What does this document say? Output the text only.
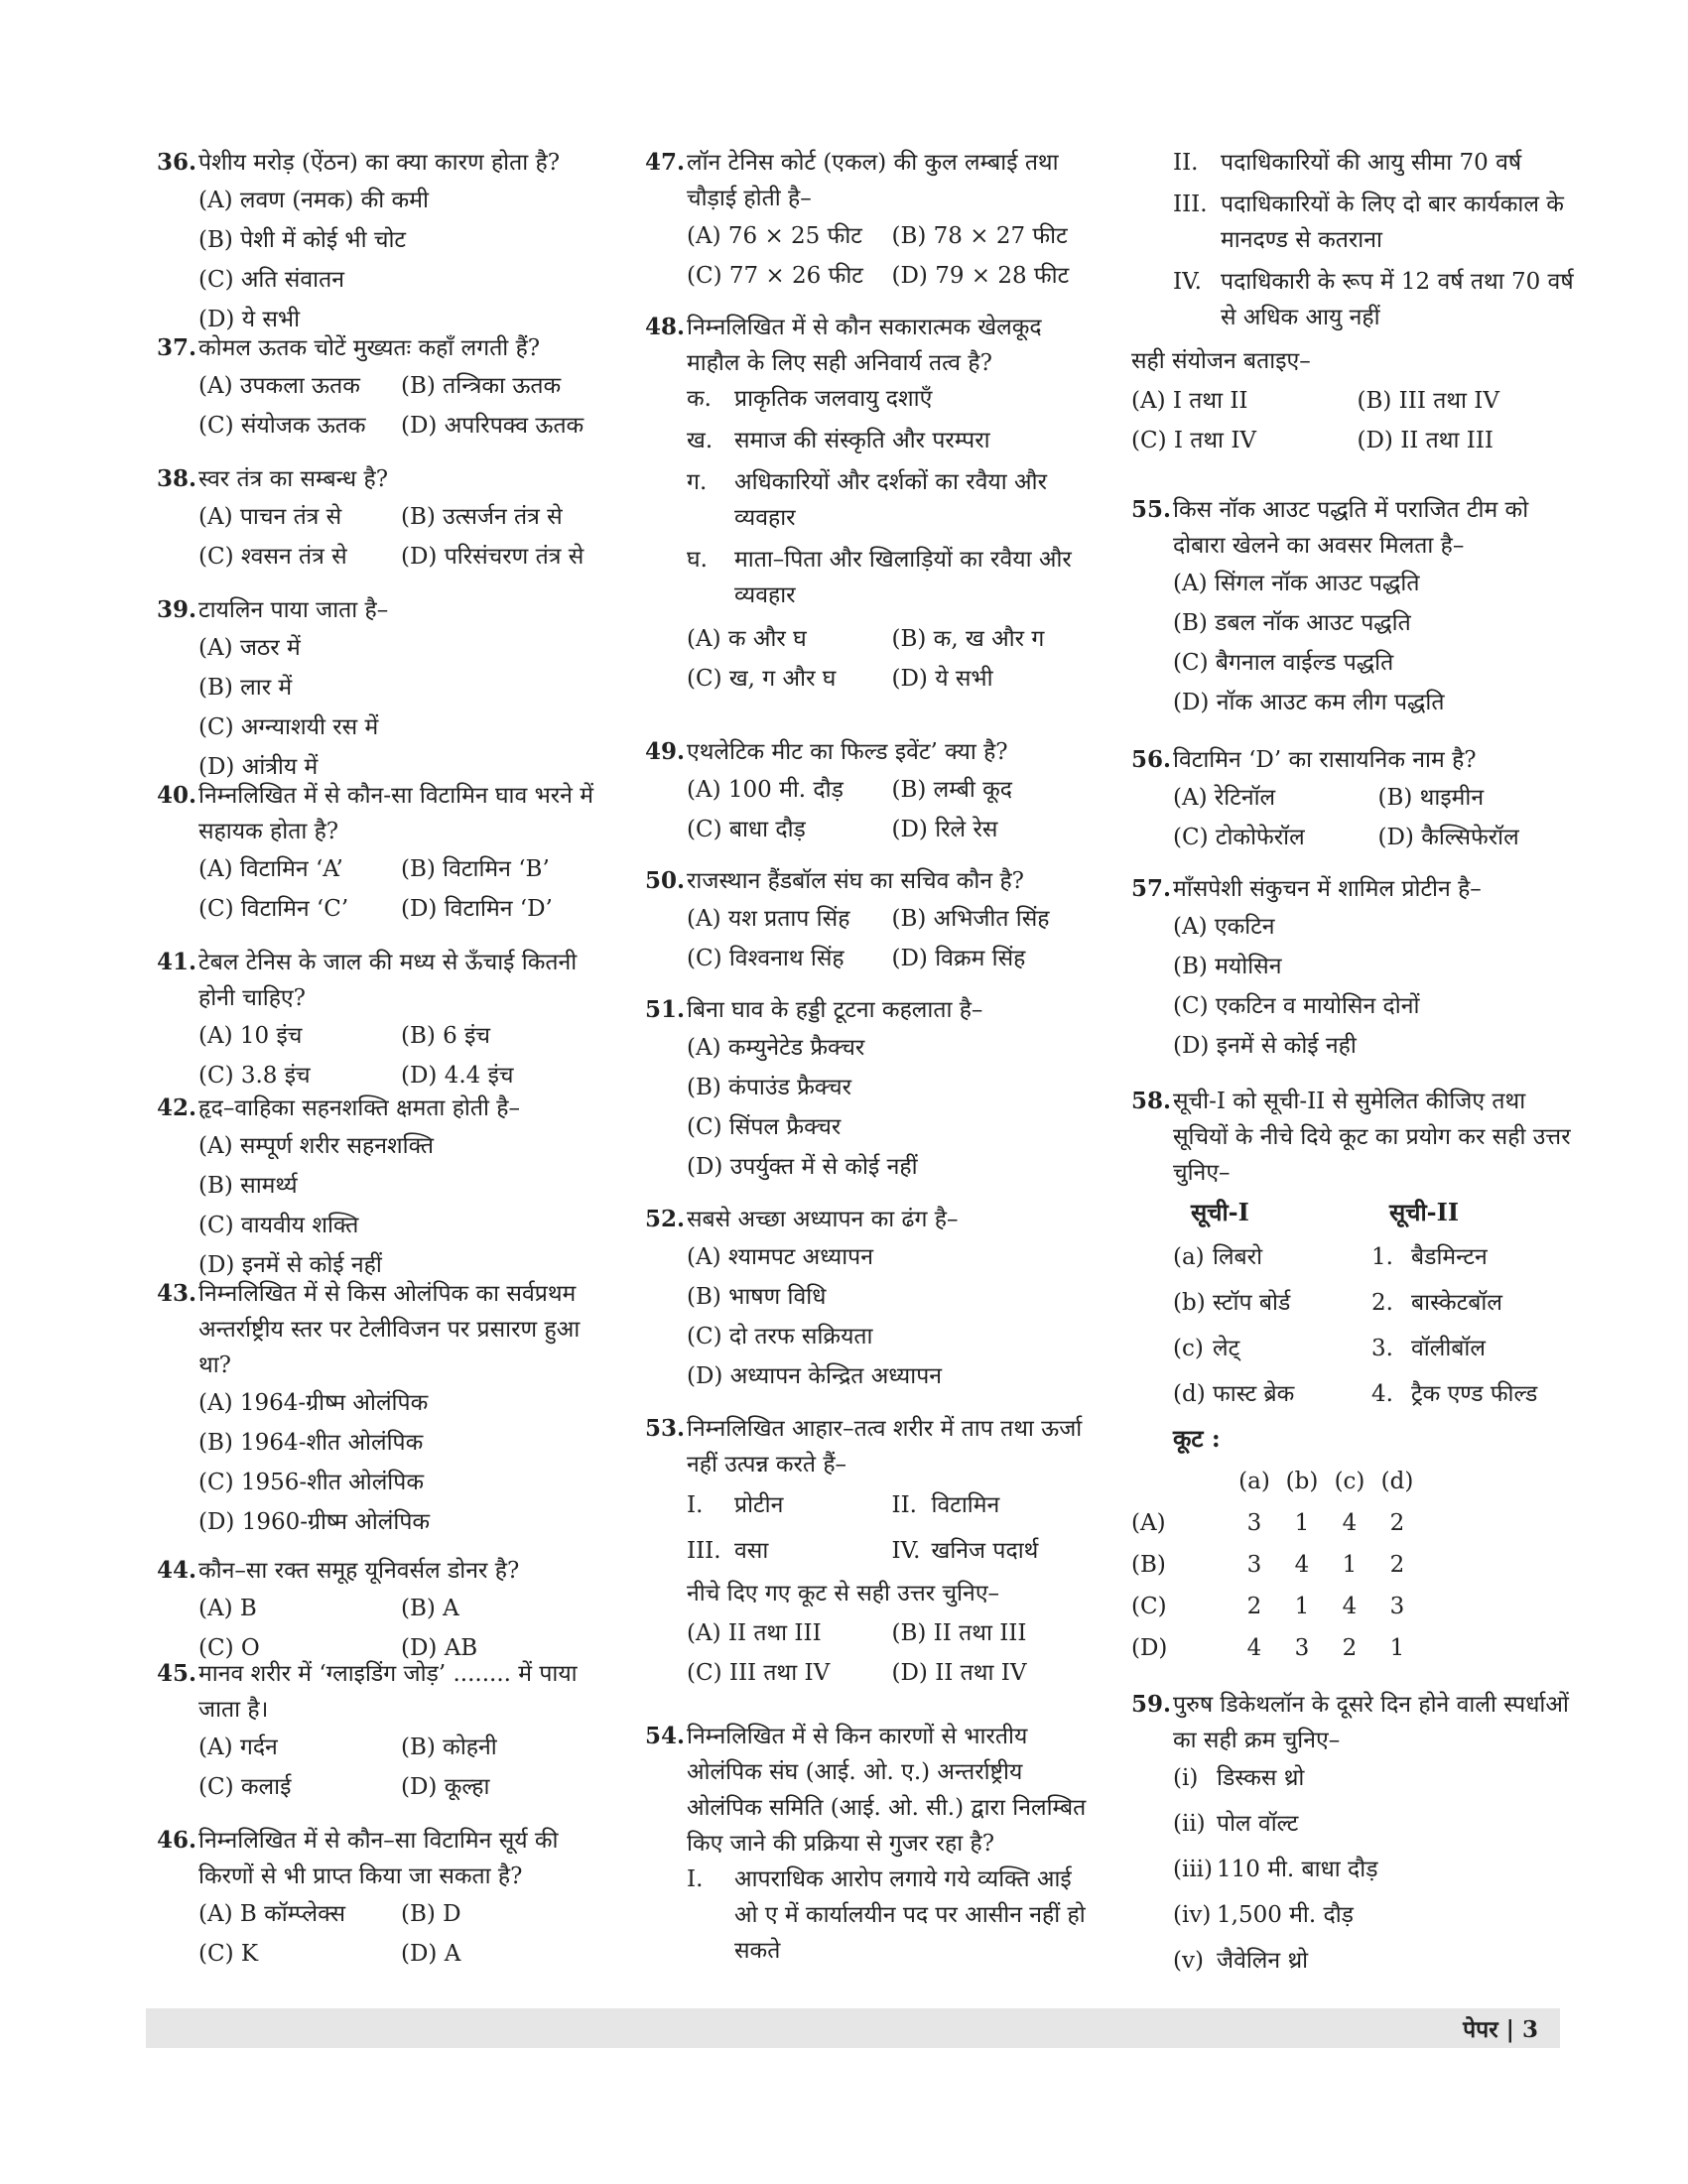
36. पेशीय मरोड़ (ऐंठन) का क्या कारण होता है?
(A) लवण (नमक) की कमी
(B) पेशी में कोई भी चोट
(C) अति संवातन
(D) ये सभी
37. कोमल ऊतक चोटें मुख्यतः कहाँ लगती हैं?
(A) उपकला ऊतक	(B) तन्त्रिका ऊतक
(C) संयोजक ऊतक	(D) अपरिपक्व ऊतक
38. स्वर तंत्र का सम्बन्ध है?
(A) पाचन तंत्र से	(B) उत्सर्जन तंत्र से
(C) श्वसन तंत्र से	(D) परिसंचरण तंत्र से
39. टायलिन पाया जाता है–
(A) जठर में
(B) लार में
(C) अग्न्याशयी रस में
(D) आंत्रीय में
40. निम्नलिखित में से कौन-सा विटामिन घाव भरने में सहायक होता है?
(A) विटामिन ‘A’	(B) विटामिन ‘B’
(C) विटामिन ‘C’	(D) विटामिन ‘D’
41. टेबल टेनिस के जाल की मध्य से ऊँचाई कितनी होनी चाहिए?
(A) 10 इंच	(B) 6 इंच
(C) 3.8 इंच	(D) 4.4 इंच
42. हृद–वाहिका सहनशक्ति क्षमता होती है–
(A) सम्पूर्ण शरीर सहनशक्ति
(B) सामर्थ्य
(C) वायवीय शक्ति
(D) इनमें से कोई नहीं
43. निम्नलिखित में से किस ओलंपिक का सर्वप्रथम अन्तर्राष्ट्रीय स्तर पर टेलीविजन पर प्रसारण हुआ था?
(A) 1964-ग्रीष्म ओलंपिक
(B) 1964-शीत ओलंपिक
(C) 1956-शीत ओलंपिक
(D) 1960-ग्रीष्म ओलंपिक
44. कौन–सा रक्त समूह यूनिवर्सल डोनर है?
(A) B	(B) A
(C) O	(D) AB
45. मानव शरीर में ‘ग्लाइडिंग जोड़’ ........ में पाया जाता है।
(A) गर्दन	(B) कोहनी
(C) कलाई	(D) कूल्हा
46. निम्नलिखित में से कौन–सा विटामिन सूर्य की किरणों से भी प्राप्त किया जा सकता है?
(A) B कॉम्प्लेक्स	(B) D
(C) K	(D) A
47. लॉन टेनिस कोर्ट (एकल) की कुल लम्बाई तथा चौड़ाई होती है–
(A) 76 × 25 फीट	(B) 78 × 27 फीट
(C) 77 × 26 फीट	(D) 79 × 28 फीट
48. निम्नलिखित में से कौन सकारात्मक खेलकूद माहौल के लिए सही अनिवार्य तत्व है?
क.	प्राकृतिक जलवायु दशाएँ
ख. समाज की संस्कृति और परम्परा
ग.	अधिकारियों और दर्शकों का रवैया और व्यवहार
घ.	माता–पिता और खिलाड़ियों का रवैया और व्यवहार
(A) क और घ	(B) क, ख और ग
(C) ख, ग और घ	(D) ये सभी
49. एथलेटिक मीट का फिल्ड इवेंट’ क्या है?
(A) 100 मी. दौड़	(B) लम्बी कूद
(C) बाधा दौड़	(D) रिले रेस
50. राजस्थान हैंडबॉल संघ का सचिव कौन है?
(A) यश प्रताप सिंह	(B) अभिजीत सिंह
(C) विश्वनाथ सिंह	(D) विक्रम सिंह
51. बिना घाव के हड्डी टूटना कहलाता है–
(A) कम्युनेटेड फ्रैक्चर
(B) कंपाउंड फ्रैक्चर
(C) सिंपल फ्रैक्चर
(D) उपर्युक्त में से कोई नहीं
52. सबसे अच्छा अध्यापन का ढंग है–
(A) श्यामपट अध्यापन
(B) भाषण विधि
(C) दो तरफ सक्रियता
(D) अध्यापन केन्द्रित अध्यापन
53. निम्नलिखित आहार–तत्व शरीर में ताप तथा ऊर्जा नहीं उत्पन्न करते हैं–
I.	प्रोटीन	II. विटामिन
III. वसा	IV. खनिज पदार्थ
नीचे दिए गए कूट से सही उत्तर चुनिए–
(A) II तथा III	(B) II तथा III
(C) III तथा IV	(D) II तथा IV
54. निम्नलिखित में से किन कारणों से भारतीय ओलंपिक संघ (आई. ओ. ए.) अन्तर्राष्ट्रीय ओलंपिक समिति (आई. ओ. सी.) द्वारा निलम्बित किए जाने की प्रक्रिया से गुजर रहा है?
I.	आपराधिक आरोप लगाये गये व्यक्ति आई ओ ए में कार्यालयीन पद पर आसीन नहीं हो सकते
II. पदाधिकारियों की आयु सीमा 70 वर्ष
III. पदाधिकारियों के लिए दो बार कार्यकाल के मानदण्ड से कतराना
IV. पदाधिकारी के रूप में 12 वर्ष तथा 70 वर्ष से अधिक आयु नहीं
सही संयोजन बताइए–
(A) I तथा II	(B) III तथा IV
(C) I तथा IV	(D) II तथा III
55. किस नॉक आउट पद्धति में पराजित टीम को दोबारा खेलने का अवसर मिलता है–
(A) सिंगल नॉक आउट पद्धति
(B) डबल नॉक आउट पद्धति
(C) बैगनाल वाईल्ड पद्धति
(D) नॉक आउट कम लीग पद्धति
56. विटामिन ‘D’ का रासायनिक नाम है?
(A) रेटिनॉल	(B) थाइमीन
(C) टोकोफेरॉल	(D) कैल्सिफेरॉल
57. माँसपेशी संकुचन में शामिल प्रोटीन है–
(A) एकटिन
(B) मयोसिन
(C) एकटिन व मायोसिन दोनों
(D) इनमें से कोई नही
58. सूची-I को सूची-II से सुमेलित कीजिए तथा सूचियों के नीचे दिये कूट का प्रयोग कर सही उत्तर चुनिए–
सूची-I	सूची-II
(a) लिबरो	1. बैडमिन्टन
(b) स्टॉप बोर्ड	2. बास्केटबॉल
(c) लेट्	3. वॉलीबॉल
(d) फास्ट ब्रेक	4. ट्रैक एण्ड फील्ड
कूट :
(a) (b) (c) (d)
(A)	3	1	4	2
(B)	3	4	1	2
(C)	2	1	4	3
(D)	4	3	2	1
59. पुरुष डिकेथलॉन के दूसरे दिन होने वाली स्पर्धाओं का सही क्रम चुनिए–
(i) डिस्कस थ्रो
(ii) पोल वॉल्ट
(iii) 110 मी. बाधा दौड़
(iv) 1,500 मी. दौड़
(v) जैवेलिन थ्रो
पेपर | 3
